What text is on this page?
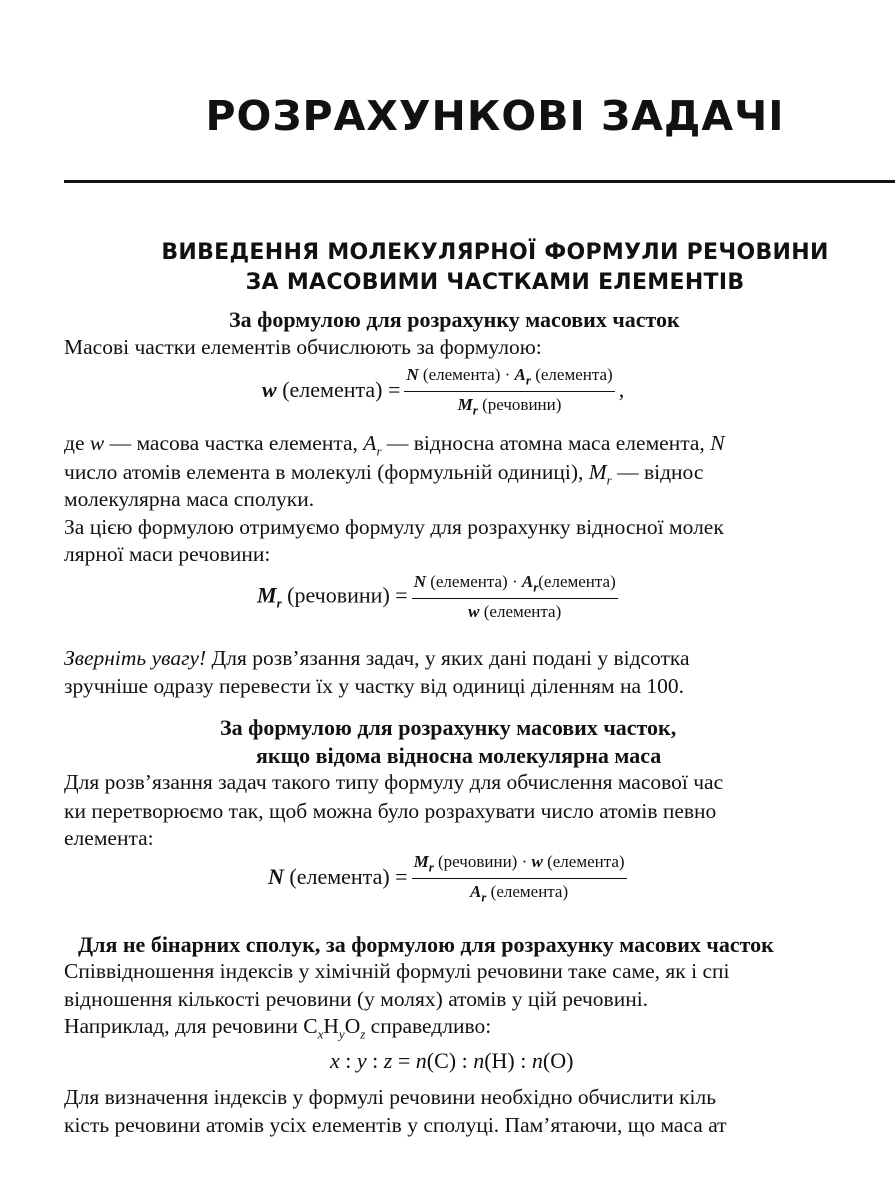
РОЗРАХУНКОВІ ЗАДАЧІ
ВИВЕДЕННЯ МОЛЕКУЛЯРНОЇ ФОРМУЛИ РЕЧОВИНИ
ЗА МАСОВИМИ ЧАСТКАМИ ЕЛЕМЕНТІВ
За формулою для розрахунку масових часток
Масові частки елементів обчислюють за формулою:
w (елемента) = $\frac{N (елемента) \cdot A_r (елемента)}{M_r (речовини)}$ ,
де w — масова частка елемента, $A_r$ — відносна атомна маса елемента, N
число атомів елемента в молекулі (формульній одиниці), $M_r$ — віднос
молекулярна маса сполуки.
За цією формулою отримуємо формулу для розрахунку відносної молек
лярної маси речовини:
$M_r$ (речовини) = $\frac{N (елемента) \cdot A_r(елемента)}{\text{w (елемента)}}$
Зверніть увагу! Для розв’язання задач, у яких дані подані у відсотка
зручніше одразу перевести їх у частку від одиниці діленням на 100.
За формулою для розрахунку масових часток,
якщо відома відносна молекулярна маса
Для розв’язання задач такого типу формулу для обчислення масової час
ки перетворюємо так, щоб можна було розрахувати число атомів певно
елемента:
N (елемента) = $\frac{M_r (речовини) \cdot w (елемента)}{A_r (елемента)}$
Для не бінарних сполук, за формулою для розрахунку масових часток
Співвідношення індексів у хімічній формулі речовини таке саме, як і спі
відношення кількості речовини (у молях) атомів у цій речовині.
Наприклад, для речовини $C_xH_yO_z$ справедливо:
x : y : z = n(C) : n(H) : n(O)
Для визначення індексів у формулі речовини необхідно обчислити кіль
кість речовини атомів усіх елементів у сполуці. Пам’ятаючи, що маса ат
